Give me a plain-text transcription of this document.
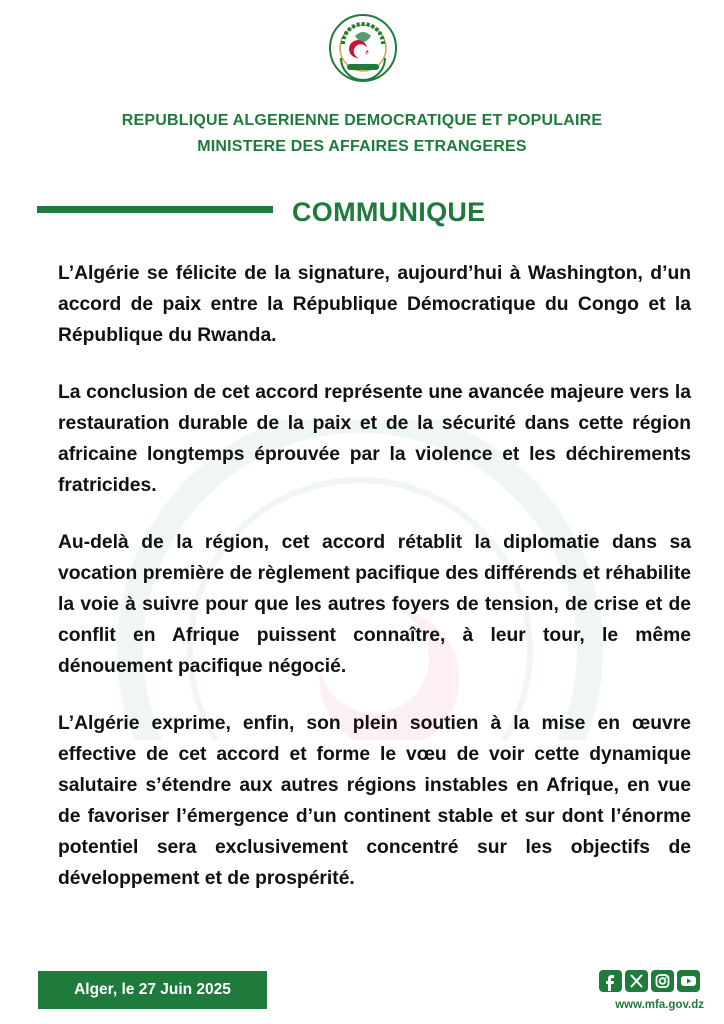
REPUBLIQUE ALGERIENNE DEMOCRATIQUE ET POPULAIRE
MINISTERE DES AFFAIRES ETRANGERES
COMMUNIQUE

L’Algérie se félicite de la signature, aujourd’hui à Washington, d’un accord de paix entre la République Démocratique du Congo et la République du Rwanda.

La conclusion de cet accord représente une avancée majeure vers la restauration durable de la paix et de la sécurité dans cette région africaine longtemps éprouvée par la violence et les déchirements fratricides.

Au-delà de la région, cet accord rétablit la diplomatie dans sa vocation première de règlement pacifique des différends et réhabilite la voie à suivre pour que les autres foyers de tension, de crise et de conflit en Afrique puissent connaître, à leur tour, le même dénouement pacifique négocié.

L’Algérie exprime, enfin, son plein soutien à la mise en œuvre effective de cet accord et forme le vœu de voir cette dynamique salutaire s’étendre aux autres régions instables en Afrique, en vue de favoriser l’émergence d’un continent stable et sur dont l’énorme potentiel sera exclusivement concentré sur les objectifs de développement et de prospérité.

Alger, le 27 Juin 2025
www.mfa.gov.dz
